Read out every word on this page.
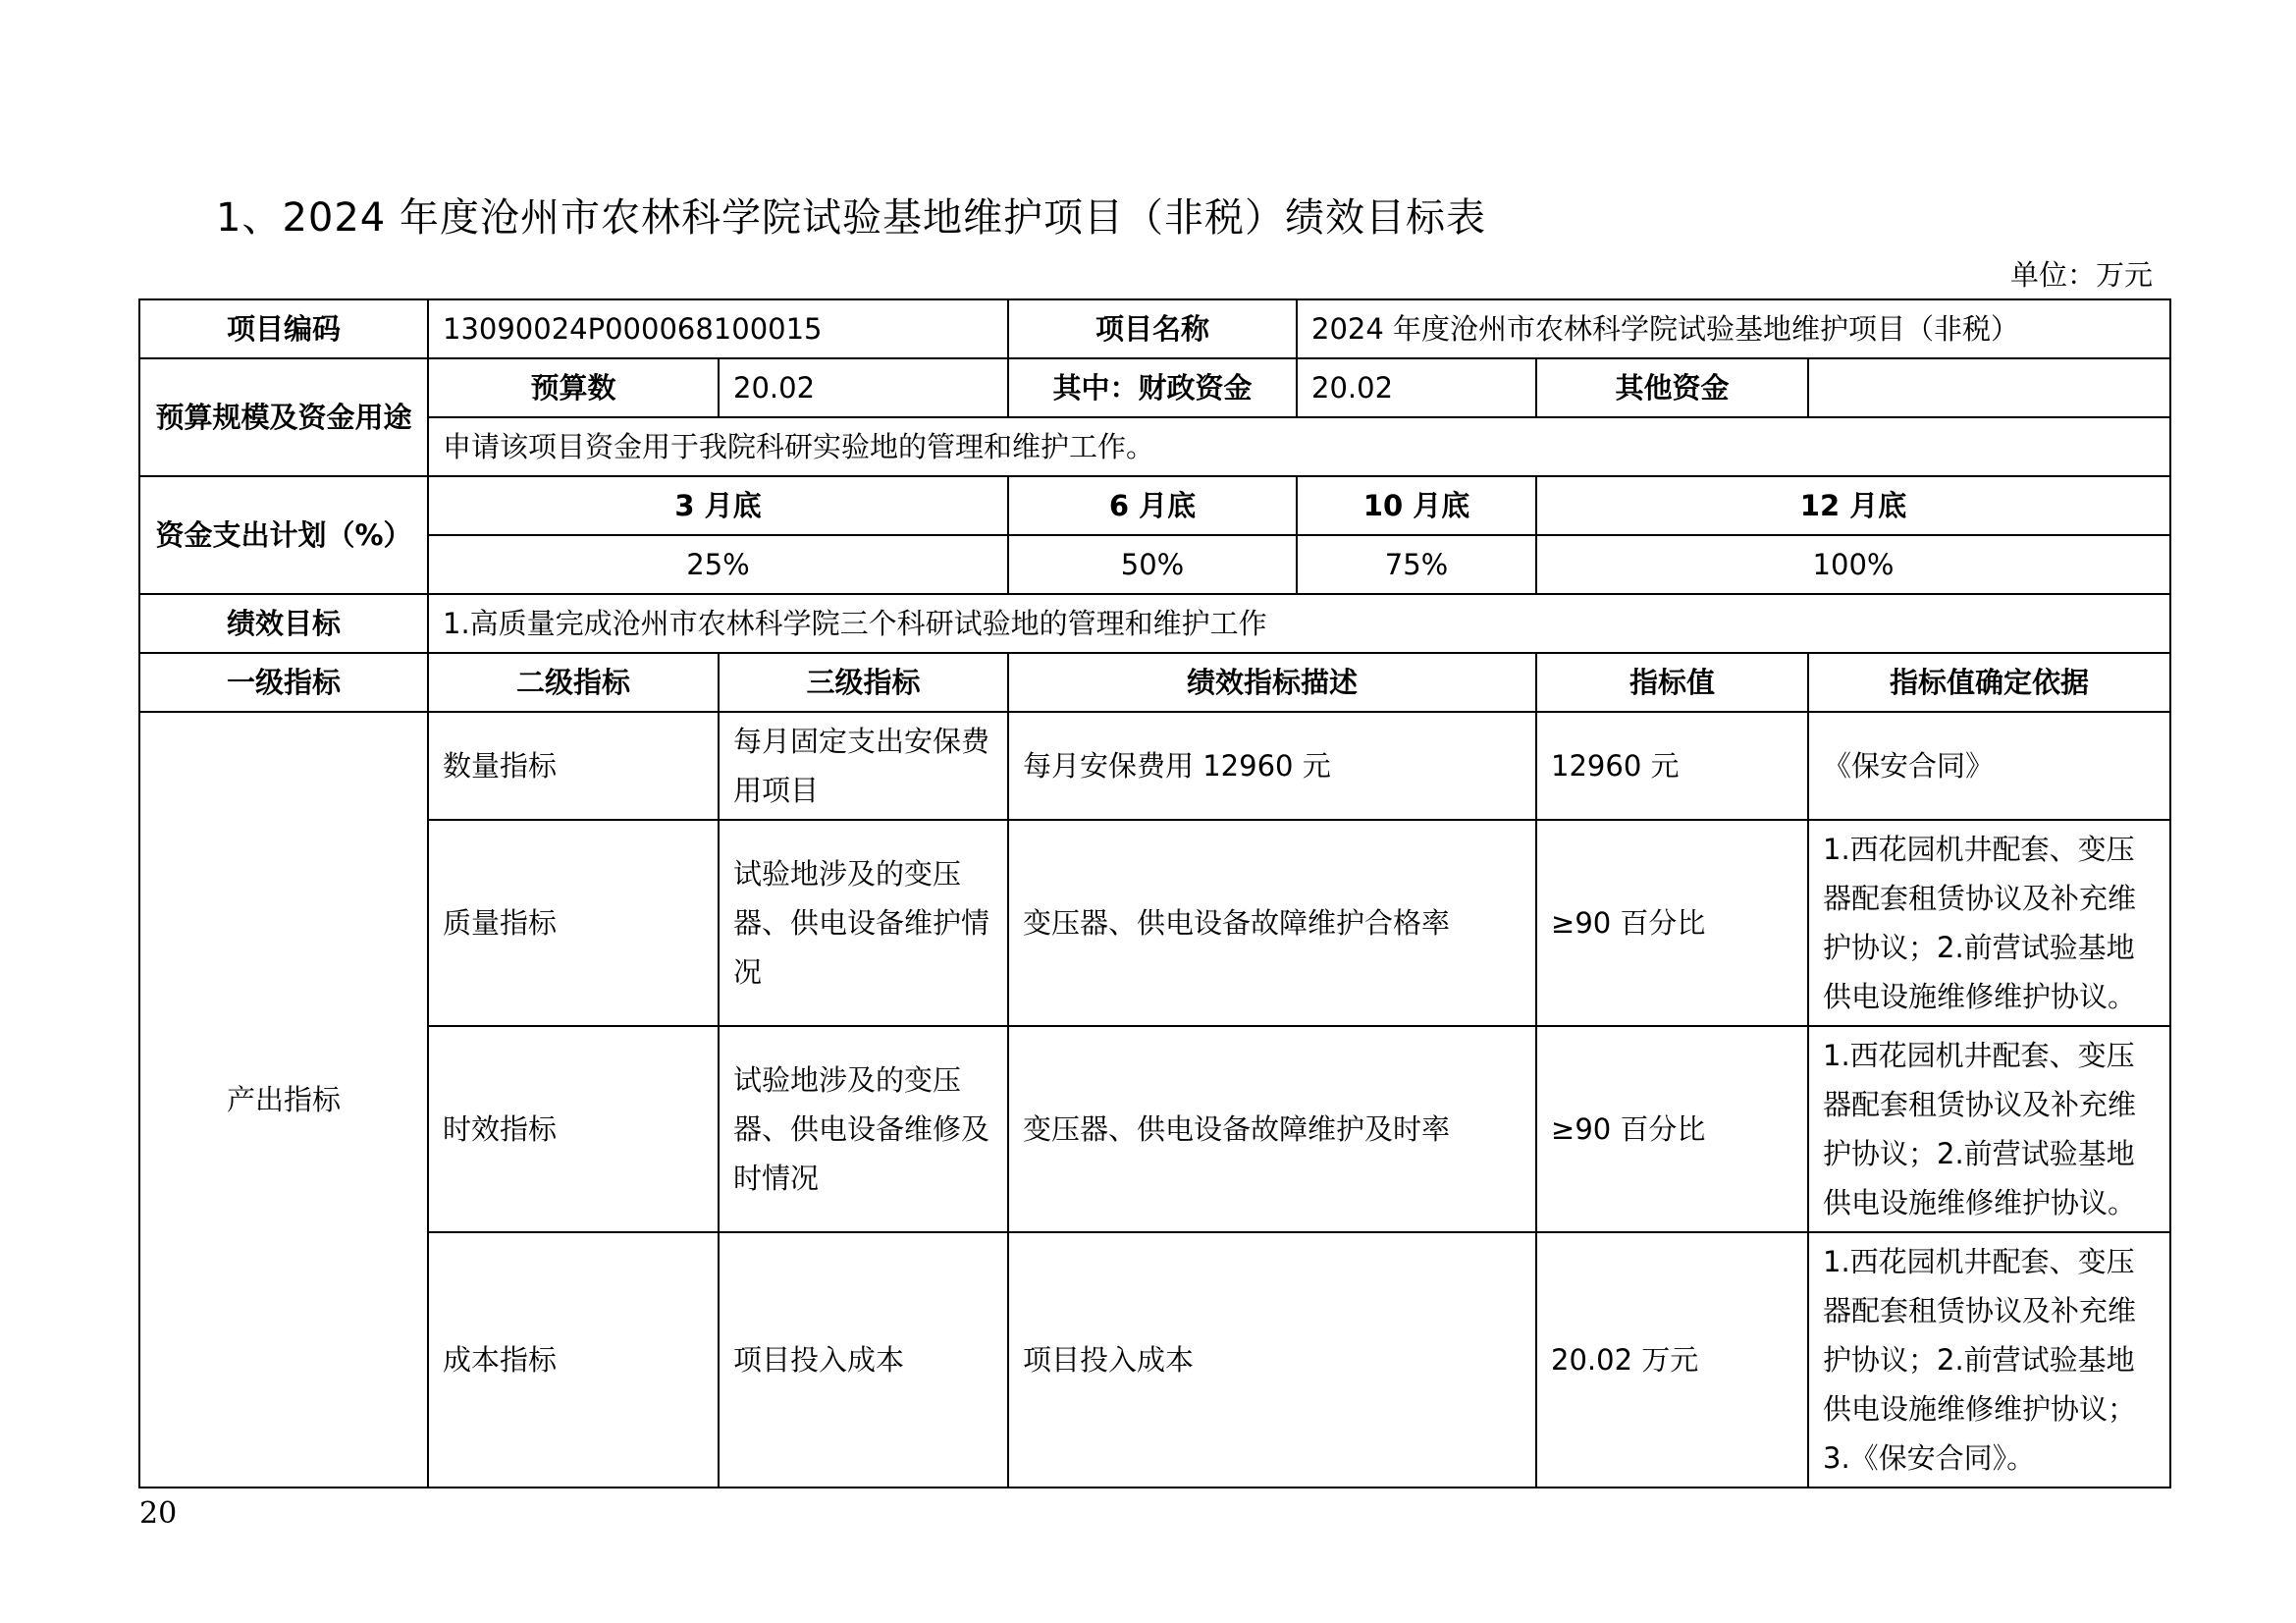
1、2024 年度沧州市农林科学院试验基地维护项目（非税）绩效目标表
单位：万元
项目编码	13090024P000068100015		项目名称	2024 年度沧州市农林科学院试验基地维护项目（非税）		
预算规模及资金用途	预算数	20.02	其中：财政资金	20.02	其他资金	
	申请该项目资金用于我院科研实验地的管理和维护工作。					
资金支出计划（%）	3 月底		6 月底	10 月底	12 月底	
	25%		50%	75%	100%	
绩效目标	1.高质量完成沧州市农林科学院三个科研试验地的管理和维护工作					
一级指标	二级指标	三级指标	绩效指标描述		指标值	指标值确定依据
产出指标	数量指标	每月固定支出安保费用项目	每月安保费用 12960 元		12960 元	《保安合同》
	质量指标	试验地涉及的变压器、供电设备维护情况	变压器、供电设备故障维护合格率		≥90 百分比	1.西花园机井配套、变压器配套租赁协议及补充维护协议；2.前营试验基地供电设施维修维护协议。
	时效指标	试验地涉及的变压器、供电设备维修及时情况	变压器、供电设备故障维护及时率		≥90 百分比	1.西花园机井配套、变压器配套租赁协议及补充维护协议；2.前营试验基地供电设施维修维护协议。
	成本指标	项目投入成本	项目投入成本		20.02 万元	1.西花园机井配套、变压器配套租赁协议及补充维护协议；2.前营试验基地供电设施维修维护协议；3.《保安合同》。
20
